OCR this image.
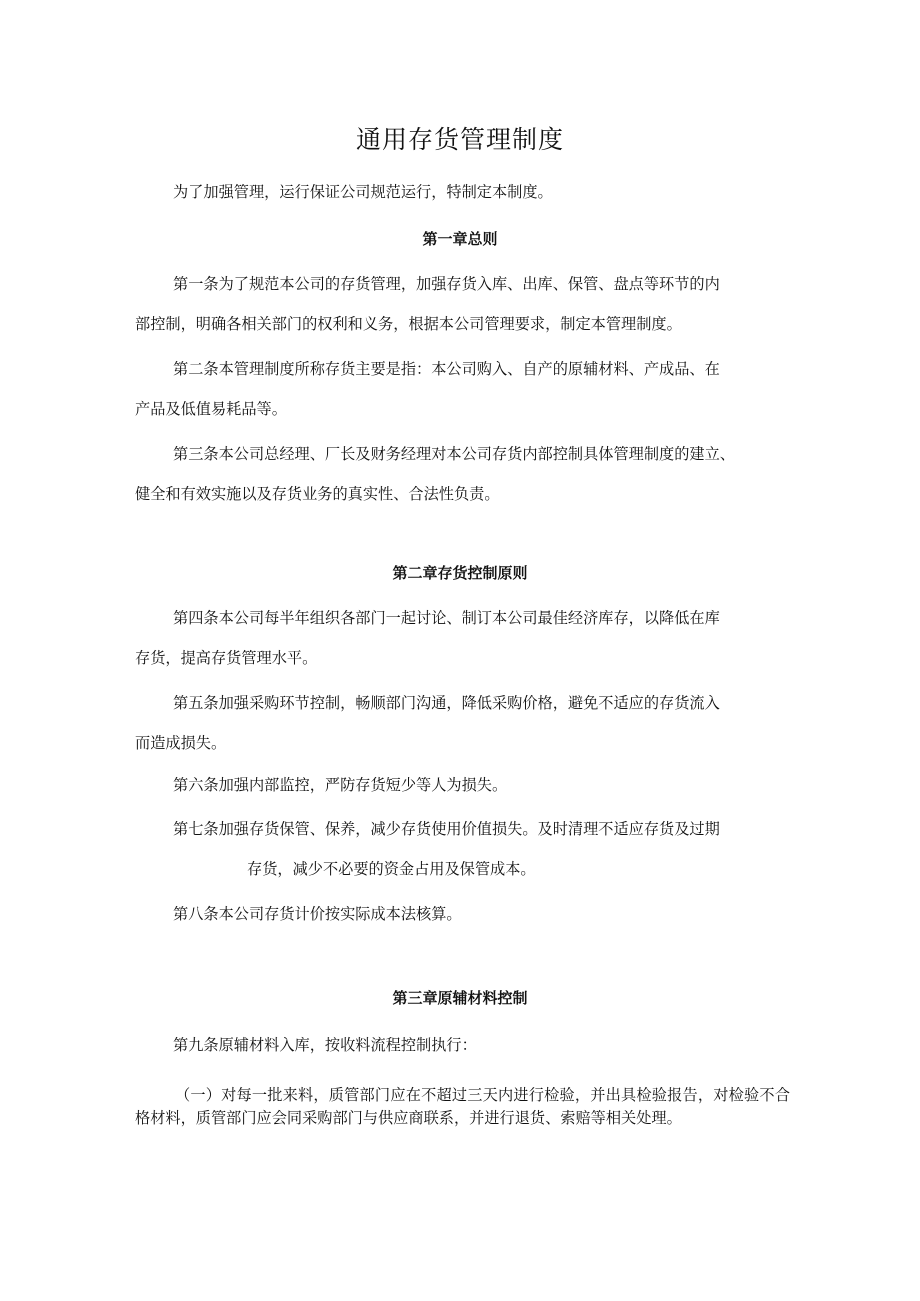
通用存货管理制度
为了加强管理，运行保证公司规范运行，特制定本制度。
第一章总则
第一条为了规范本公司的存货管理，加强存货入库、出库、保管、盘点等环节的内
部控制，明确各相关部门的权利和义务，根据本公司管理要求，制定本管理制度。
第二条本管理制度所称存货主要是指：本公司购入、自产的原辅材料、产成品、在
产品及低值易耗品等。
第三条本公司总经理、厂长及财务经理对本公司存货内部控制具体管理制度的建立、
健全和有效实施以及存货业务的真实性、合法性负责。
第二章存货控制原则
第四条本公司每半年组织各部门一起讨论、制订本公司最佳经济库存，以降低在库
存货，提高存货管理水平。
第五条加强采购环节控制，畅顺部门沟通，降低采购价格，避免不适应的存货流入
而造成损失。
第六条加强内部监控，严防存货短少等人为损失。
第七条加强存货保管、保养，减少存货使用价值损失。及时清理不适应存货及过期
存货，减少不必要的资金占用及保管成本。
第八条本公司存货计价按实际成本法核算。
第三章原辅材料控制
第九条原辅材料入库，按收料流程控制执行：
（一）对每一批来料，质管部门应在不超过三天内进行检验，并出具检验报告，对检验不合格材料，质管部门应会同采购部门与供应商联系，并进行退货、索赔等相关处理。
